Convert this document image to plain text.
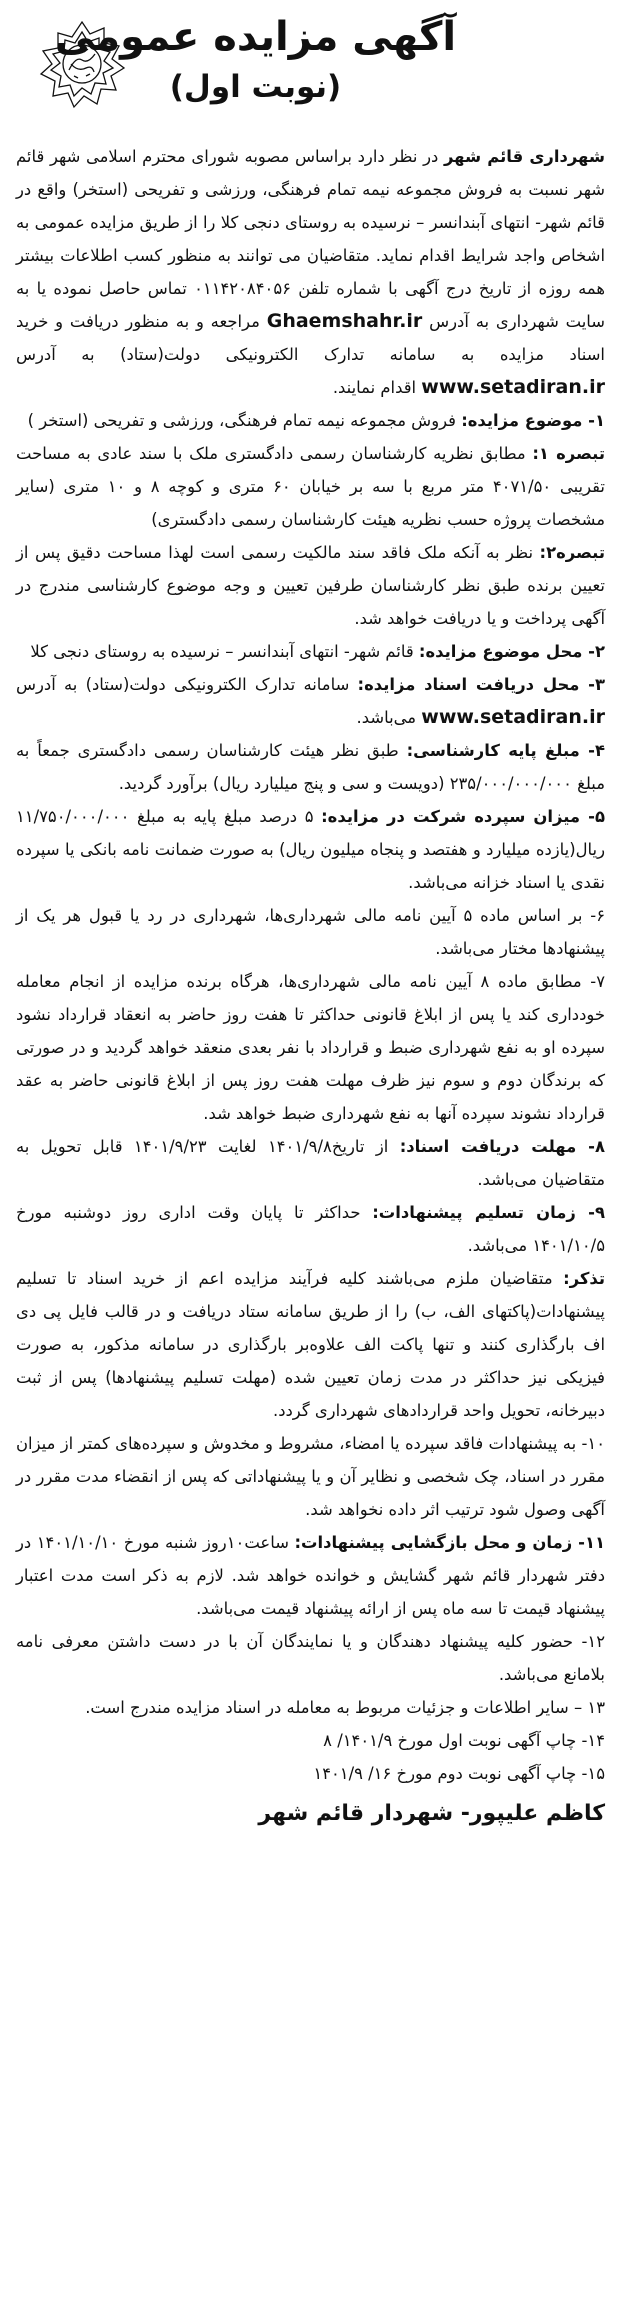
آگهی مزایده عمومی
(نوبت اول)

شهرداری قائم شهر در نظر دارد براساس مصوبه شورای محترم اسلامی شهر قائم شهر نسبت به فروش مجموعه نیمه تمام فرهنگی، ورزشی و تفریحی (استخر) واقع در قائم شهر- انتهای آبندانسر – نرسیده به روستای دنجی کلا را از طریق مزایده عمومی به اشخاص واجد شرایط اقدام نماید. متقاضیان می توانند به منظور کسب اطلاعات بیشتر همه روزه از تاریخ درج آگهی با شماره تلفن ۰۱۱۴۲۰۸۴۰۵۶ تماس حاصل نموده یا به سایت شهرداری به آدرس Ghaemshahr.ir مراجعه و به منظور دریافت و خرید اسناد مزایده به سامانه تدارک الکترونیکی دولت(ستاد) به آدرس www.setadiran.ir اقدام نمایند.

۱- موضوع مزایده: فروش مجموعه نیمه تمام فرهنگی، ورزشی و تفریحی (استخر )

تبصره ۱: مطابق نظریه کارشناسان رسمی دادگستری ملک با سند عادی به مساحت تقریبی ۴۰۷۱/۵۰ متر مربع با سه بر خیابان ۶۰ متری و کوچه ۸ و ۱۰ متری (سایر مشخصات پروژه حسب نظریه هیئت کارشناسان رسمی دادگستری)

تبصره۲: نظر به آنکه ملک فاقد سند مالکیت رسمی است لهذا مساحت دقیق پس از تعیین برنده طبق نظر کارشناسان طرفین تعیین و وجه موضوع کارشناسی مندرج در آگهی پرداخت و یا دریافت خواهد شد.

۲- محل موضوع مزایده: قائم شهر- انتهای آبندانسر – نرسیده به روستای دنجی کلا

۳- محل دریافت اسناد مزایده: سامانه تدارک الکترونیکی دولت(ستاد) به آدرس www.setadiran.ir می‌باشد.

۴- مبلغ پایه کارشناسی: طبق نظر هیئت کارشناسان رسمی دادگستری جمعاً به مبلغ ۲۳۵/۰۰۰/۰۰۰/۰۰۰ (دویست و سی و پنج میلیارد ریال) برآورد گردید.

۵- میزان سپرده شرکت در مزایده: ۵ درصد مبلغ پایه به مبلغ ۱۱/۷۵۰/۰۰۰/۰۰۰ ریال(یازده میلیارد و هفتصد و پنجاه میلیون ریال) به صورت ضمانت نامه بانکی یا سپرده نقدی یا اسناد خزانه می‌باشد.

۶- بر اساس ماده ۵ آیین نامه مالی شهرداری‌ها، شهرداری در رد یا قبول هر یک از پیشنهادها مختار می‌باشد.

۷- مطابق ماده ۸ آیین نامه مالی شهرداری‌ها، هرگاه برنده مزایده از انجام معامله خودداری کند یا پس از ابلاغ قانونی حداکثر تا هفت روز حاضر به انعقاد قرارداد نشود سپرده او به نفع شهرداری ضبط و قرارداد با نفر بعدی منعقد خواهد گردید و در صورتی که برندگان دوم و سوم نیز ظرف مهلت هفت روز پس از ابلاغ قانونی حاضر به عقد قرارداد نشوند سپرده آنها به نفع شهرداری ضبط خواهد شد.

۸- مهلت دریافت اسناد: از تاریخ۱۴۰۱/۹/۸ لغایت ۱۴۰۱/۹/۲۳ قابل تحویل به متقاضیان می‌باشد.

۹- زمان تسلیم پیشنهادات: حداکثر تا پایان وقت اداری روز دوشنبه مورخ ۱۴۰۱/۱۰/۵ می‌باشد.

تذکر: متقاضیان ملزم می‌باشند کلیه فرآیند مزایده اعم از خرید اسناد تا تسلیم پیشنهادات(پاکتهای الف، ب) را از طریق سامانه ستاد دریافت و در قالب فایل پی دی اف بارگذاری کنند و تنها پاکت الف علاوه‌بر بارگذاری در سامانه مذکور، به صورت فیزیکی نیز حداکثر در مدت زمان تعیین شده (مهلت تسلیم پیشنهادها) پس از ثبت دبیرخانه، تحویل واحد قراردادهای شهرداری گردد.

۱۰- به پیشنهادات فاقد سپرده یا امضاء، مشروط و مخدوش و سپرده‌های کمتر از میزان مقرر در اسناد، چک شخصی و نظایر آن و یا پیشنهاداتی که پس از انقضاء مدت مقرر در آگهی وصول شود ترتیب اثر داده نخواهد شد.

۱۱- زمان و محل بازگشایی پیشنهادات: ساعت۱۰روز شنبه مورخ ۱۴۰۱/۱۰/۱۰ در دفتر شهردار قائم شهر گشایش و خوانده خواهد شد. لازم به ذکر است مدت اعتبار پیشنهاد قیمت تا سه ماه پس از ارائه پیشنهاد قیمت می‌باشد.

۱۲- حضور کلیه پیشنهاد دهندگان و یا نمایندگان آن با در دست داشتن معرفی نامه بلامانع می‌باشد.

۱۳ – سایر اطلاعات و جزئیات مربوط به معامله در اسناد مزایده مندرج است.

۱۴- چاپ آگهی نوبت اول مورخ ۱۴۰۱/۹/ ۸

۱۵- چاپ آگهی نوبت دوم مورخ ۱۶/ ۱۴۰۱/۹

کاظم علیپور- شهردار قائم شهر
